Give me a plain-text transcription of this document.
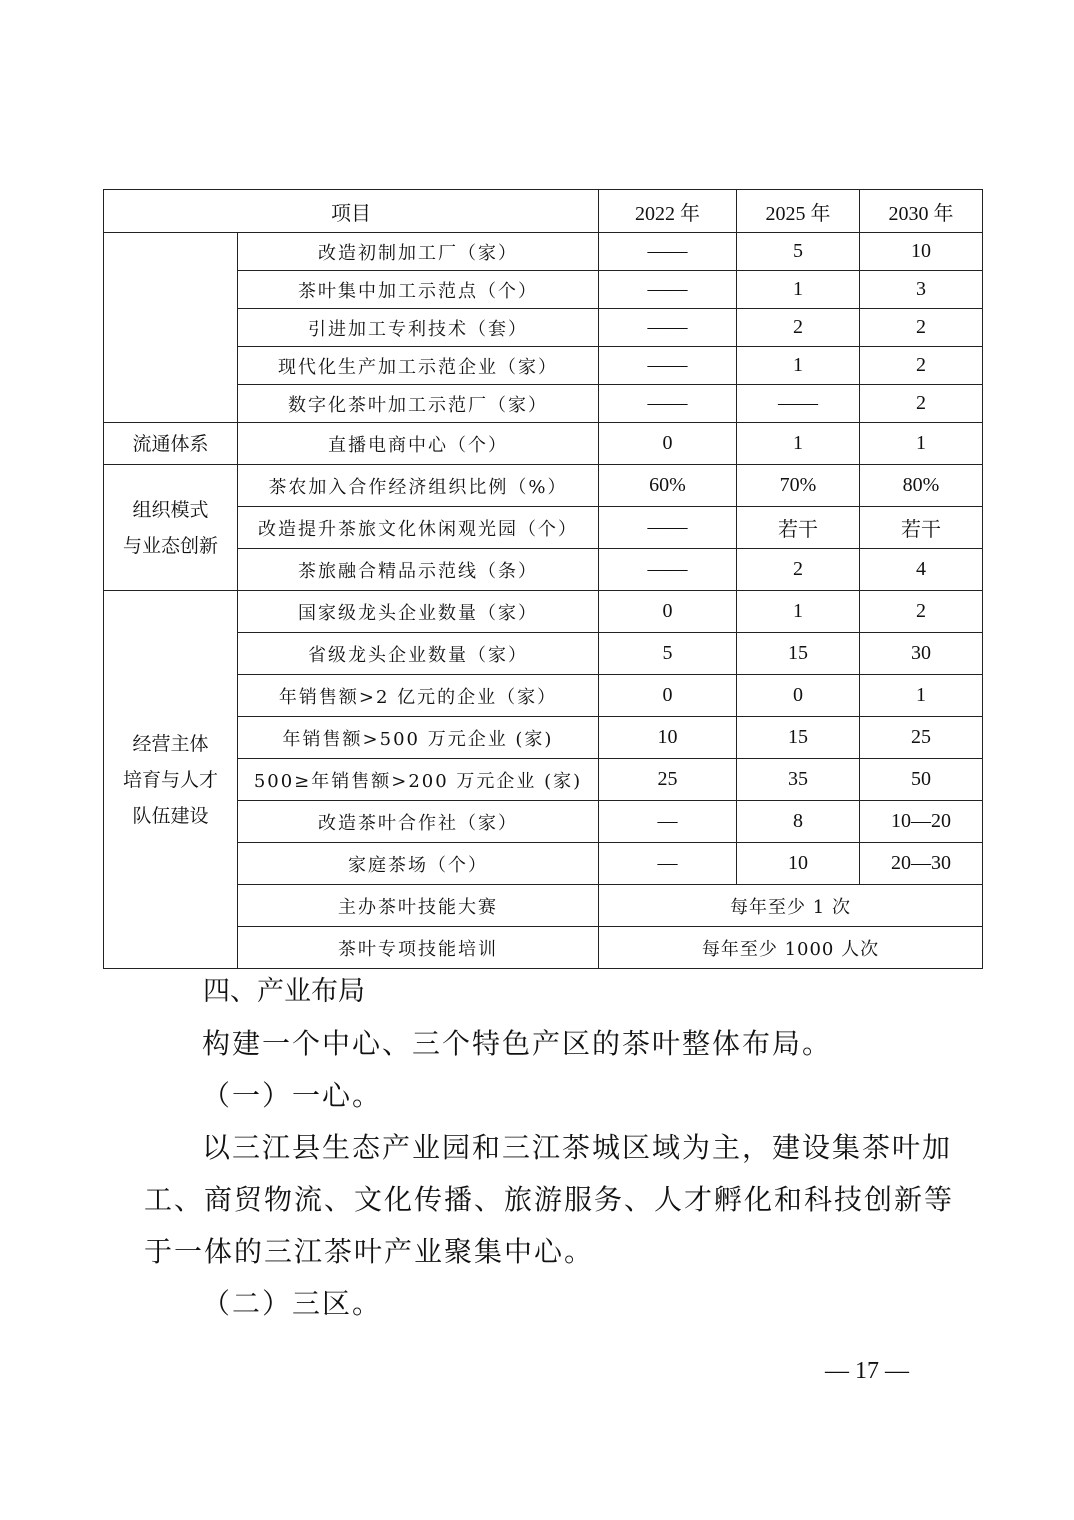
项目		2022 年	2025 年	2030 年
	改造初制加工厂（家）	——	5	10
	茶叶集中加工示范点（个）	——	1	3
	引进加工专利技术（套）	——	2	2
	现代化生产加工示范企业（家）	——	1	2
	数字化茶叶加工示范厂（家）	——	——	2
流通体系	直播电商中心（个）	0	1	1
组织模式
与业态创新	茶农加入合作经济组织比例（%）	60%	70%	80%
	改造提升茶旅文化休闲观光园（个）	——	若干	若干
	茶旅融合精品示范线（条）	——	2	4
经营主体
培育与人才
队伍建设	国家级龙头企业数量（家）	0	1	2
	省级龙头企业数量（家）	5	15	30
	年销售额>2 亿元的企业（家）	0	0	1
	年销售额>500 万元企业 (家)	10	15	25
	500≥年销售额>200 万元企业 (家)	25	35	50
	改造茶叶合作社（家）	—	8	10—20
	家庭茶场（个）	—	10	20—30
	主办茶叶技能大赛	每年至少 1 次		
	茶叶专项技能培训	每年至少 1000 人次		
四、产业布局
构建一个中心、三个特色产区的茶叶整体布局。
（一）一心。
以三江县生态产业园和三江茶城区域为主，建设集茶叶加工、商贸物流、文化传播、旅游服务、人才孵化和科技创新等于一体的三江茶叶产业聚集中心。
（二）三区。
— 17 —
